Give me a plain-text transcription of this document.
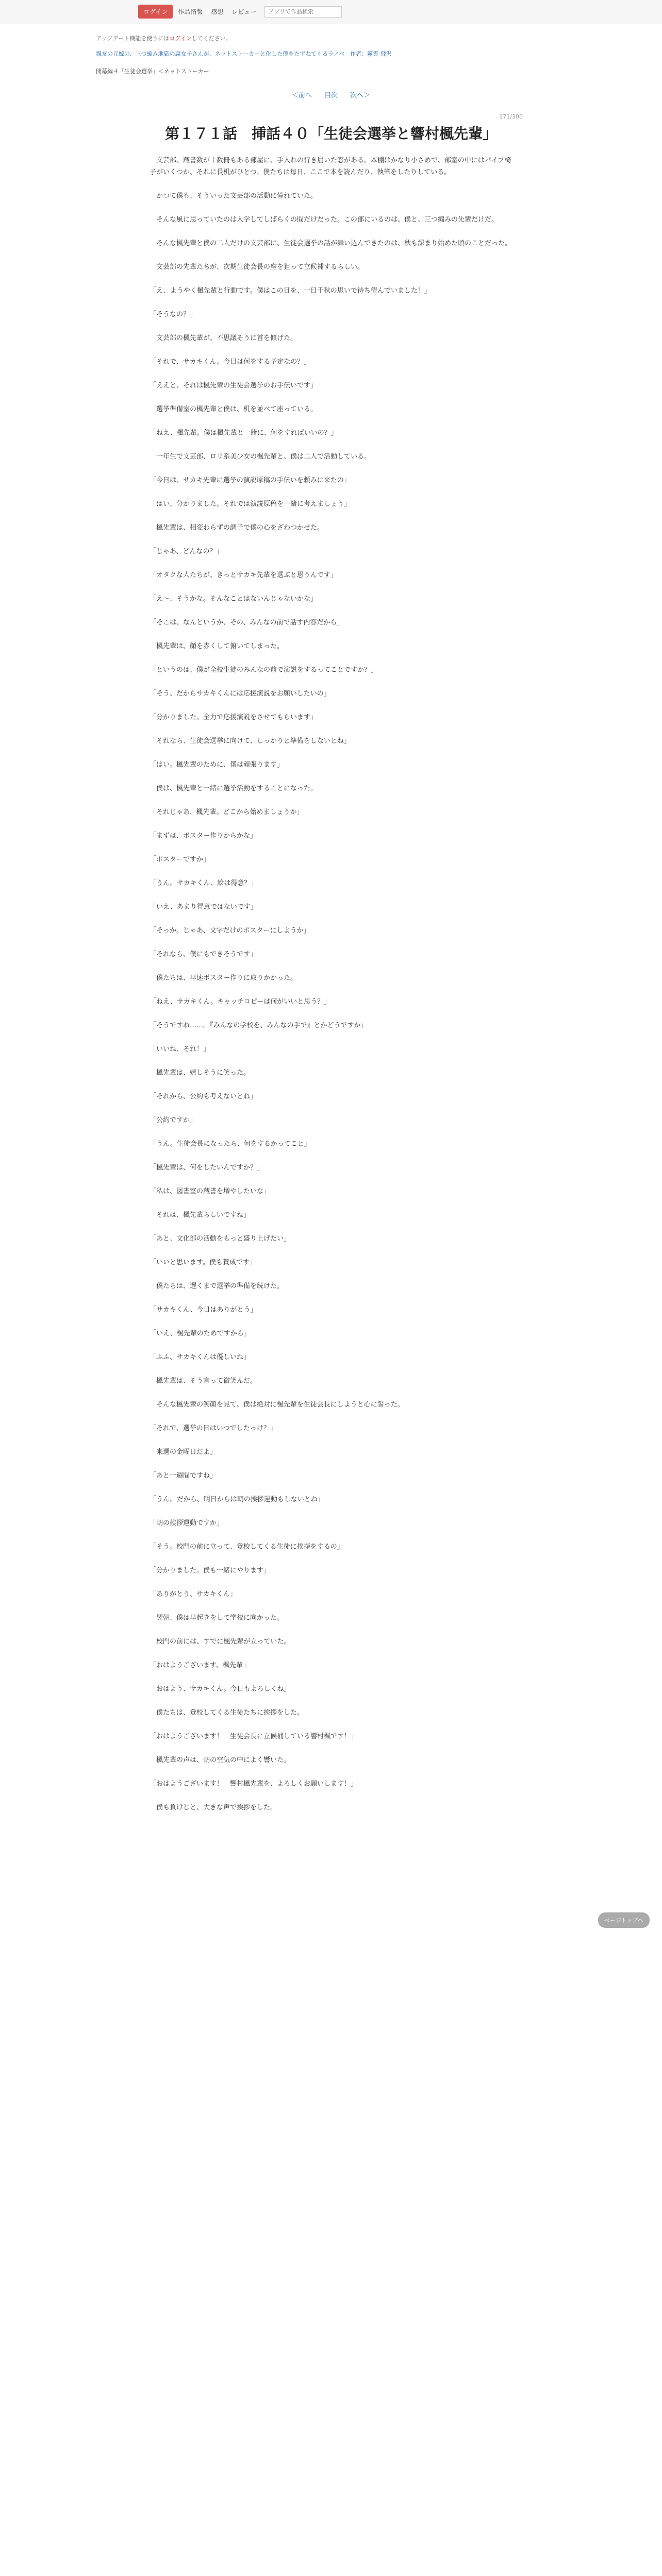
ログイン	作品情報 感想 レビュー
アプリで作品検索
アップデート機能を使うにはログインしてください。
親友の元嫁の、三つ編み地獄の腐女子さんが、ネットストーカーと化した僕をたずねてくるラノベ　作者：霧雲 飛沢
開幕編４「生徒会選挙」＜ネットストーカー
＜前へ 目次 次へ＞
171/300
第１７１話　挿話４０「生徒会選挙と響村楓先輩」

　文芸部、蔵書数が十数冊もある部屋に、手入れの行き届いた窓がある。本棚はかなり小さめで、部室の中にはパイプ椅子がいくつか、それに長机がひとつ。僕たちは毎日、ここで本を読んだり、執筆をしたりしている。

　かつて僕も、そういった文芸部の活動に憧れていた。

　そんな風に思っていたのは入学してしばらくの間だけだった。この部にいるのは、僕と、三つ編みの先輩だけだ。

　そんな楓先輩と僕の二人だけの文芸部に、生徒会選挙の話が舞い込んできたのは、秋も深まり始めた頃のことだった。

　文芸部の先輩たちが、次期生徒会長の座を狙って立候補するらしい。

「え、ようやく楓先輩と行動です。僕はこの日を、一日千秋の思いで待ち望んでいました！」

「そうなの？」

　文芸部の楓先輩が、不思議そうに首を傾げた。

「それで、サカキくん。今日は何をする予定なの？」

「ええと、それは楓先輩の生徒会選挙のお手伝いです」

　選挙準備室の楓先輩と僕は、机を並べて座っている。

「ねえ、楓先輩。僕は楓先輩と一緒に、何をすればいいの？」

　一年生で文芸部、ロリ系美少女の楓先輩と、僕は二人で活動している。

「今日は、サカキ先輩に選挙の演説原稿の手伝いを頼みに来たの」

「はい、分かりました。それでは演説原稿を一緒に考えましょう」

　楓先輩は、相変わらずの調子で僕の心をざわつかせた。

「じゃあ、どんなの？」

「オタクな人たちが、きっとサカキ先輩を選ぶと思うんです」

「え～、そうかな。そんなことはないんじゃないかな」

「そこは、なんというか、その、みんなの前で話す内容だから」

　楓先輩は、顔を赤くして俯いてしまった。

「というのは、僕が全校生徒のみんなの前で演説をするってことですか？」

「そう、だからサカキくんには応援演説をお願いしたいの」

「分かりました。全力で応援演説をさせてもらいます」

「それなら、生徒会選挙に向けて、しっかりと準備をしないとね」

「はい。楓先輩のために、僕は頑張ります」

　僕は、楓先輩と一緒に選挙活動をすることになった。

「それじゃあ、楓先輩。どこから始めましょうか」

「まずは、ポスター作りからかな」

「ポスターですか」

「うん。サカキくん、絵は得意？」

「いえ、あまり得意ではないです」

「そっか。じゃあ、文字だけのポスターにしようか」

「それなら、僕にもできそうです」

　僕たちは、早速ポスター作りに取りかかった。

「ねえ、サカキくん。キャッチコピーは何がいいと思う？」

「そうですね……。『みんなの学校を、みんなの手で』とかどうですか」

「いいね、それ！」

　楓先輩は、嬉しそうに笑った。

「それから、公約も考えないとね」

「公約ですか」

「うん。生徒会長になったら、何をするかってこと」

「楓先輩は、何をしたいんですか？」

「私は、図書室の蔵書を増やしたいな」

「それは、楓先輩らしいですね」

「あと、文化部の活動をもっと盛り上げたい」

「いいと思います。僕も賛成です」

　僕たちは、遅くまで選挙の準備を続けた。

「サカキくん、今日はありがとう」

「いえ、楓先輩のためですから」

「ふふ、サカキくんは優しいね」

　楓先輩は、そう言って微笑んだ。

　そんな楓先輩の笑顔を見て、僕は絶対に楓先輩を生徒会長にしようと心に誓った。

「それで、選挙の日はいつでしたっけ？」

「来週の金曜日だよ」

「あと一週間ですね」

「うん。だから、明日からは朝の挨拶運動もしないとね」

「朝の挨拶運動ですか」

「そう。校門の前に立って、登校してくる生徒に挨拶をするの」

「分かりました。僕も一緒にやります」

「ありがとう、サカキくん」

　翌朝、僕は早起きをして学校に向かった。

　校門の前には、すでに楓先輩が立っていた。

「おはようございます、楓先輩」

「おはよう、サカキくん。今日もよろしくね」

　僕たちは、登校してくる生徒たちに挨拶をした。

「おはようございます！　生徒会長に立候補している響村楓です！」

　楓先輩の声は、朝の空気の中によく響いた。

「おはようございます！　響村楓先輩を、よろしくお願いします！」

　僕も負けじと、大きな声で挨拶をした。

ページトップへ
